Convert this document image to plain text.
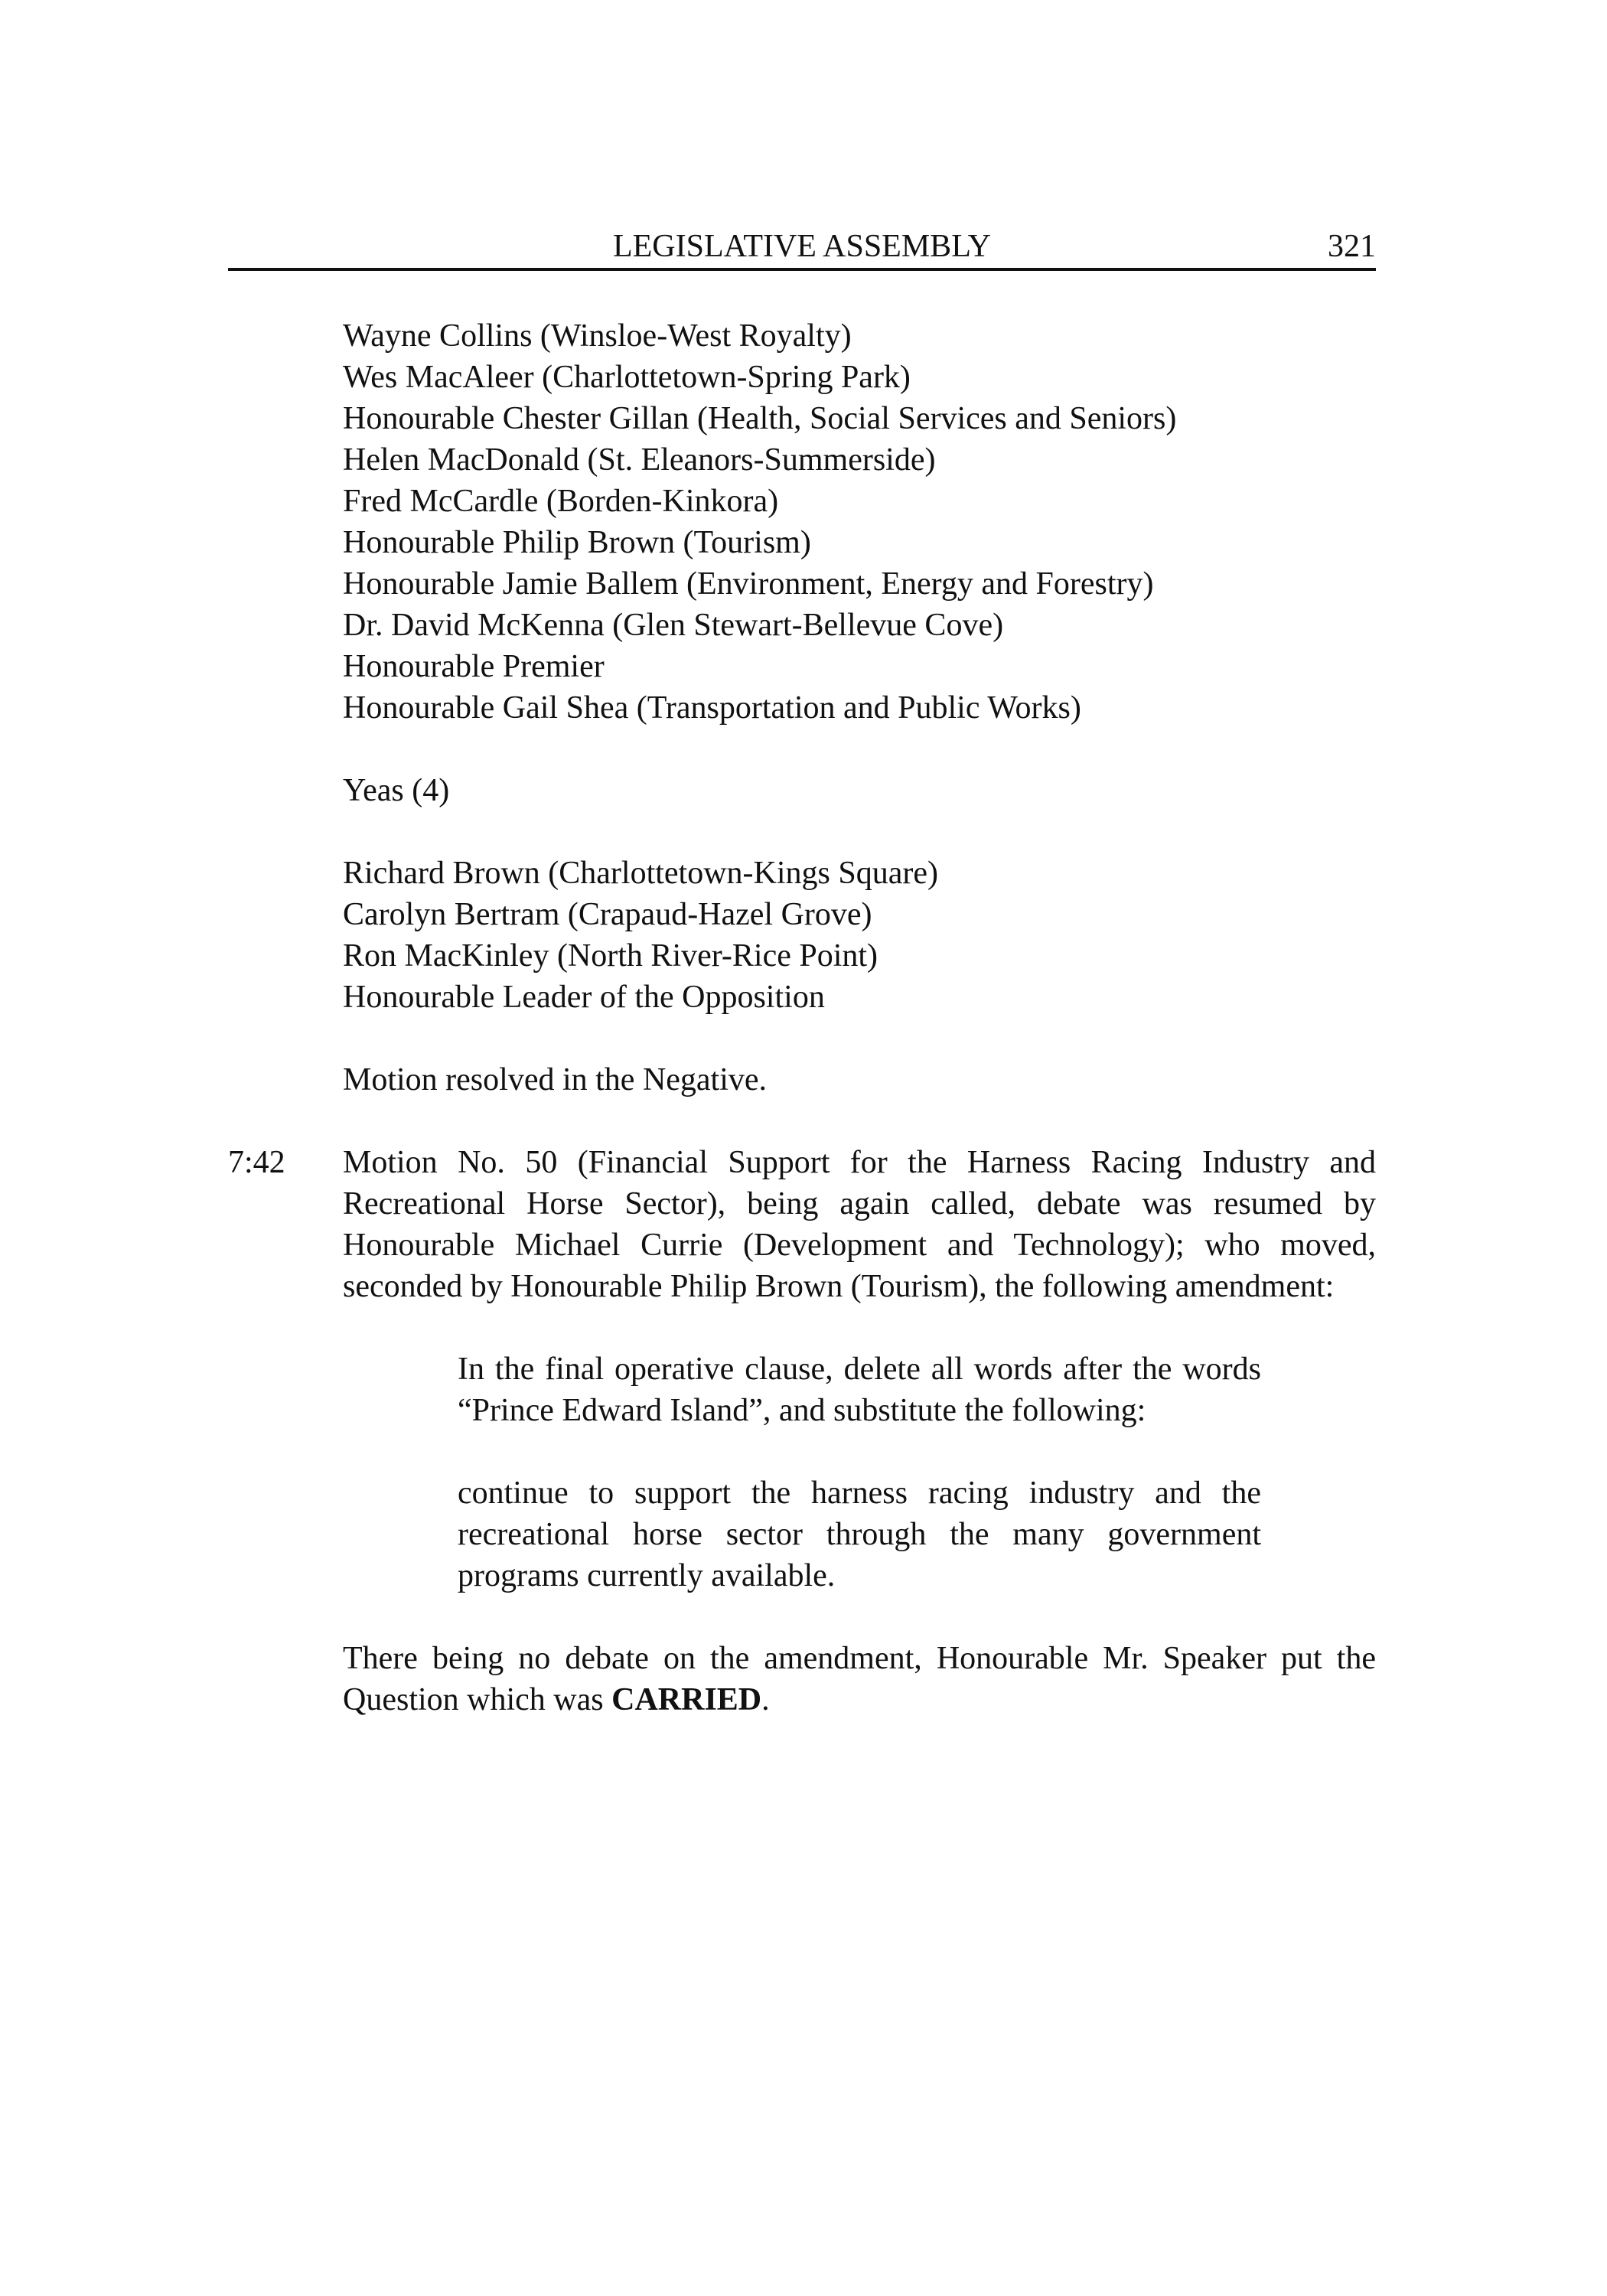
LEGISLATIVE ASSEMBLY	321

Wayne Collins (Winsloe-West Royalty)

Wes MacAleer (Charlottetown-Spring Park)

Honourable Chester Gillan (Health, Social Services and Seniors)

Helen MacDonald (St. Eleanors-Summerside)

Fred McCardle (Borden-Kinkora)

Honourable Philip Brown (Tourism)

Honourable Jamie Ballem (Environment, Energy and Forestry)

Dr. David McKenna (Glen Stewart-Bellevue Cove)

Honourable Premier

Honourable Gail Shea (Transportation and Public Works)

Yeas (4)

Richard Brown (Charlottetown-Kings Square)

Carolyn Bertram (Crapaud-Hazel Grove)

Ron MacKinley (North River-Rice Point)

Honourable Leader of the Opposition

Motion resolved in the Negative.

7:42 Motion No. 50 (Financial Support for the Harness Racing Industry and Recreational Horse Sector), being again called, debate was resumed by Honourable Michael Currie (Development and Technology); who moved, seconded by Honourable Philip Brown (Tourism), the following amendment:

In the final operative clause, delete all words after the words “Prince Edward Island”, and substitute the following:

continue to support the harness racing industry and the recreational horse sector through the many government programs currently available.

There being no debate on the amendment, Honourable Mr. Speaker put the Question which was CARRIED.
